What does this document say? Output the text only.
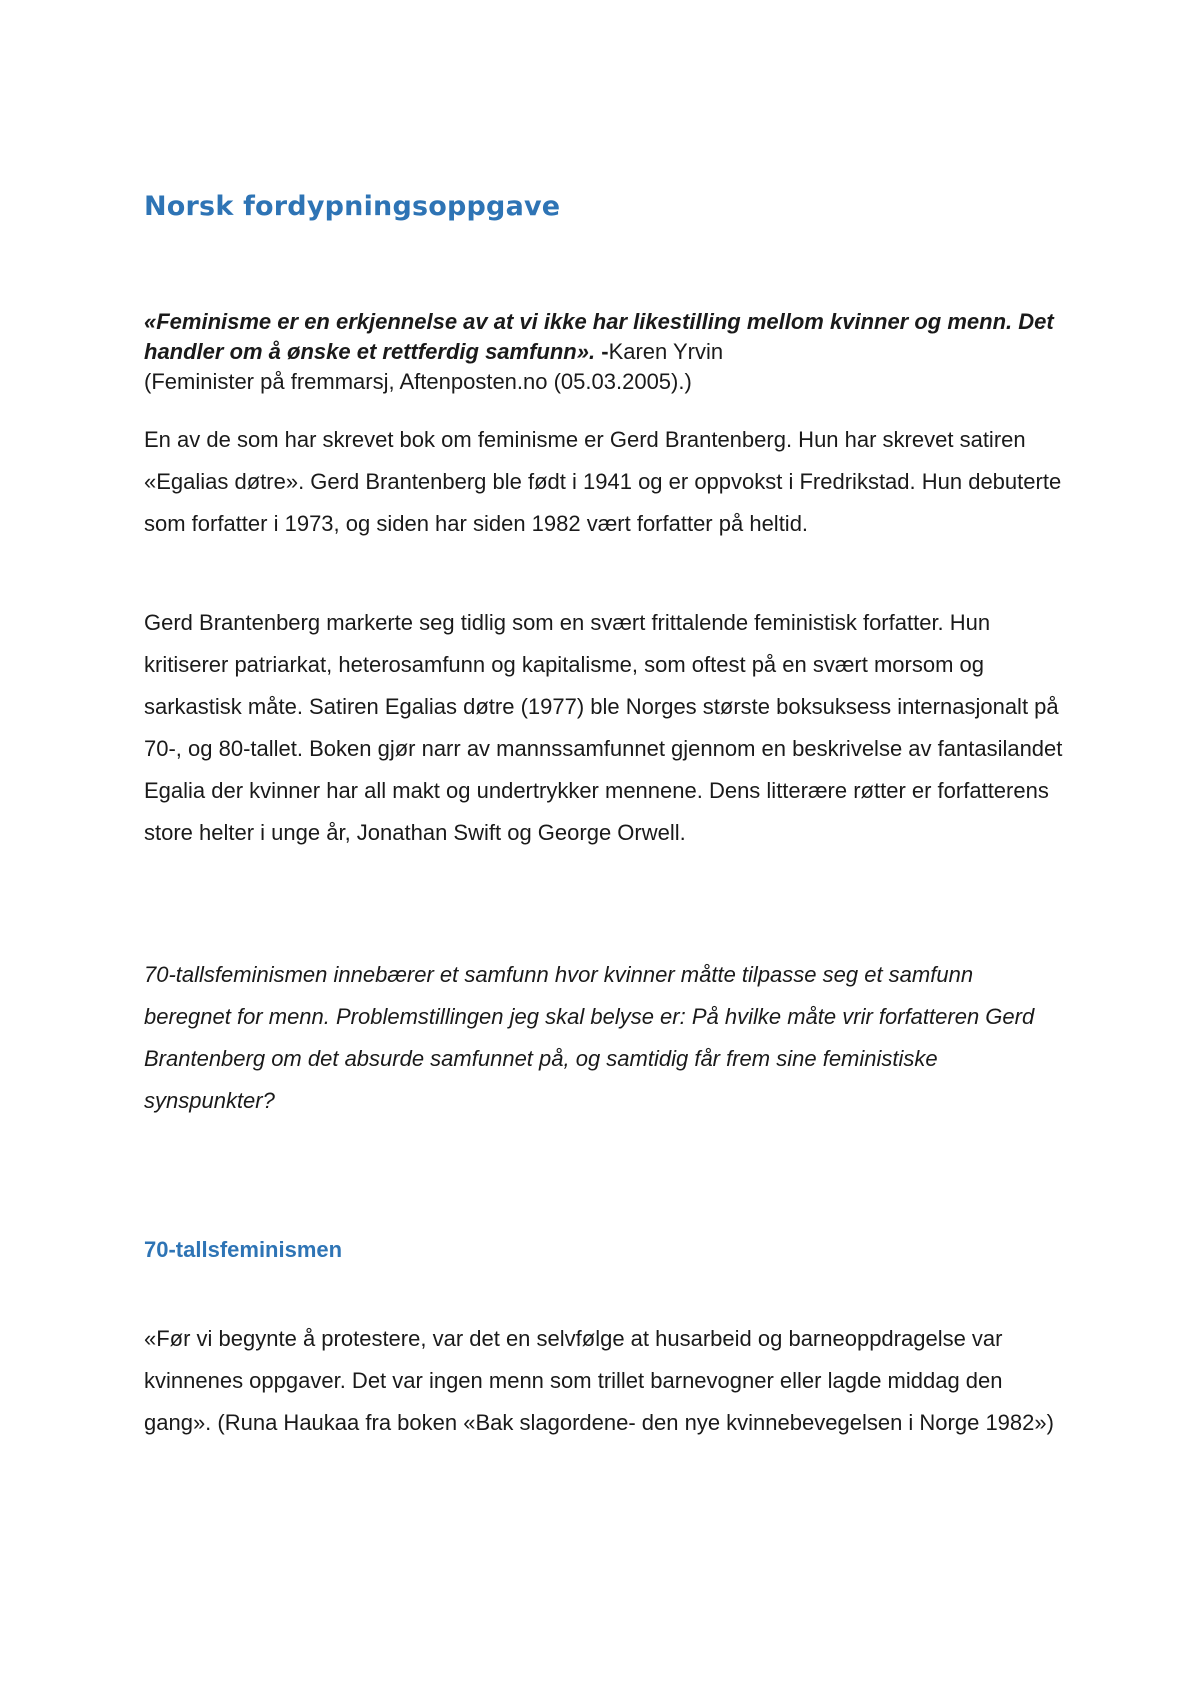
Norsk fordypningsoppgave

«Feminisme er en erkjennelse av at vi ikke har likestilling mellom kvinner og menn. Det handler om å ønske et rettferdig samfunn». -Karen Yrvin
(Feminister på fremmarsj, Aftenposten.no (05.03.2005).)

En av de som har skrevet bok om feminisme er Gerd Brantenberg. Hun har skrevet satiren «Egalias døtre». Gerd Brantenberg ble født i 1941 og er oppvokst i Fredrikstad. Hun debuterte som forfatter i 1973, og siden har siden 1982 vært forfatter på heltid.

Gerd Brantenberg markerte seg tidlig som en svært frittalende feministisk forfatter. Hun kritiserer patriarkat, heterosamfunn og kapitalisme, som oftest på en svært morsom og sarkastisk måte. Satiren Egalias døtre (1977) ble Norges største boksuksess internasjonalt på 70-, og 80-tallet. Boken gjør narr av mannssamfunnet gjennom en beskrivelse av fantasilandet Egalia der kvinner har all makt og undertrykker mennene. Dens litterære røtter er forfatterens store helter i unge år, Jonathan Swift og George Orwell.

70-tallsfeminismen innebærer et samfunn hvor kvinner måtte tilpasse seg et samfunn beregnet for menn. Problemstillingen jeg skal belyse er: På hvilke måte vrir forfatteren Gerd Brantenberg om det absurde samfunnet på, og samtidig får frem sine feministiske synspunkter?

70-tallsfeminismen

«Før vi begynte å protestere, var det en selvfølge at husarbeid og barneoppdragelse var kvinnenes oppgaver. Det var ingen menn som trillet barnevogner eller lagde middag den gang». (Runa Haukaa fra boken «Bak slagordene- den nye kvinnebevegelsen i Norge 1982»)
